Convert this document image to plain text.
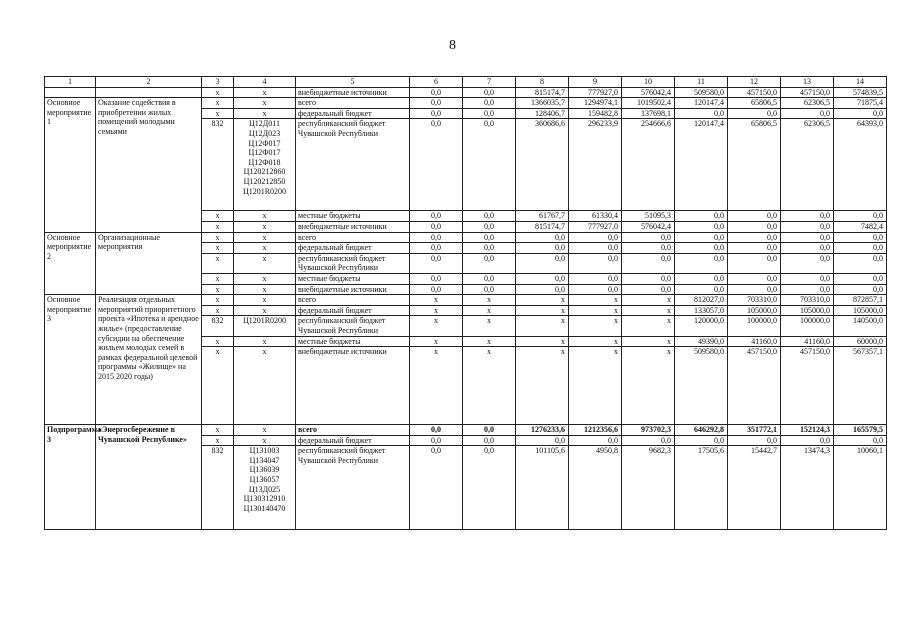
8
1	2	3	4	5	6	7	8	9	10	11	12	13	14
		x	x	внебюджетные источники	0,0	0,0	815174,7	777927,0	576042,4	509580,0	457150,0	457150,0	574839,5
Основное мероприятие 1	Оказание содействия в приобретении жилых помещений молодыми семьями	x	x	всего	0,0	0,0	1366035,7	1294974,1	1019502,4	120147,4	65806,5	62306,5	71875,4
		x	x	федеральный бюджет	0,0	0,0	128406,7	159482,8	137698,1	0,0	0,0	0,0	0,0
		832	Ц12Д011 Ц12Д023 Ц12Ф017 Ц12Ф017 Ц12Ф018 Ц120212860 Ц120212850 Ц1201R0200	республиканский бюджет Чувашской Республики	0,0	0,0	360686,6	296233,9	254666,6	120147,4	65806,5	62306,5	64393,0
		x	x	местные бюджеты	0,0	0,0	61767,7	61330,4	51095,3	0,0	0,0	0,0	0,0
		x	x	внебюджетные источники	0,0	0,0	815174,7	777927,0	576042,4	0,0	0,0	0,0	7482,4
Основное мероприятие 2	Организационные мероприятия	x	x	всего	0,0	0,0	0,0	0,0	0,0	0,0	0,0	0,0	0,0
		x	x	федеральный бюджет	0,0	0,0	0,0	0,0	0,0	0,0	0,0	0,0	0,0
		x	x	республиканский бюджет Чувашской Республики	0,0	0,0	0,0	0,0	0,0	0,0	0,0	0,0	0,0
		x	x	местные бюджеты	0,0	0,0	0,0	0,0	0,0	0,0	0,0	0,0	0,0
		x	x	внебюджетные источники	0,0	0,0	0,0	0,0	0,0	0,0	0,0	0,0	0,0
Основное мероприятие 3	Реализация отдельных мероприятий приоритетного проекта «Ипотека и арендное жилье» (предоставление субсидии на обеспечение жильем молодых семей в рамках федеральной целевой программы «Жилище» на 2015 2020 годы)	x	x	всего	x	x	x	x	x	812027,0	703310,0	703310,0	872857,1
		x	x	федеральный бюджет	x	x	x	x	x	133057,0	105000,0	105000,0	105000,0
		832	Ц1201R0200	республиканский бюджет Чувашской Республики	x	x	x	x	x	120000,0	100000,0	100000,0	140500,0
		x	x	местные бюджеты	x	x	x	x	x	49390,0	41160,0	41160,0	60000,0
		x	x	внебюджетные источники	x	x	x	x	x	509580,0	457150,0	457150,0	567357,1
Подпрограмма 3	«Энергосбережение в Чувашской Республике»	x	x	всего	0,0	0,0	1276233,6	1212356,6	973702,3	646292,8	351772,1	152124,3	165579,5
		x	x	федеральный бюджет	0,0	0,0	0,0	0,0	0,0	0,0	0,0	0,0	0,0
		832	Ц131003 Ц134047 Ц136039 Ц136057 Ц13Д025 Ц130312910 Ц130140470	республиканский бюджет Чувашской Республики	0,0	0,0	101105,6	4950,8	9682,3	17505,6	15442,7	13474,3	10060,1
